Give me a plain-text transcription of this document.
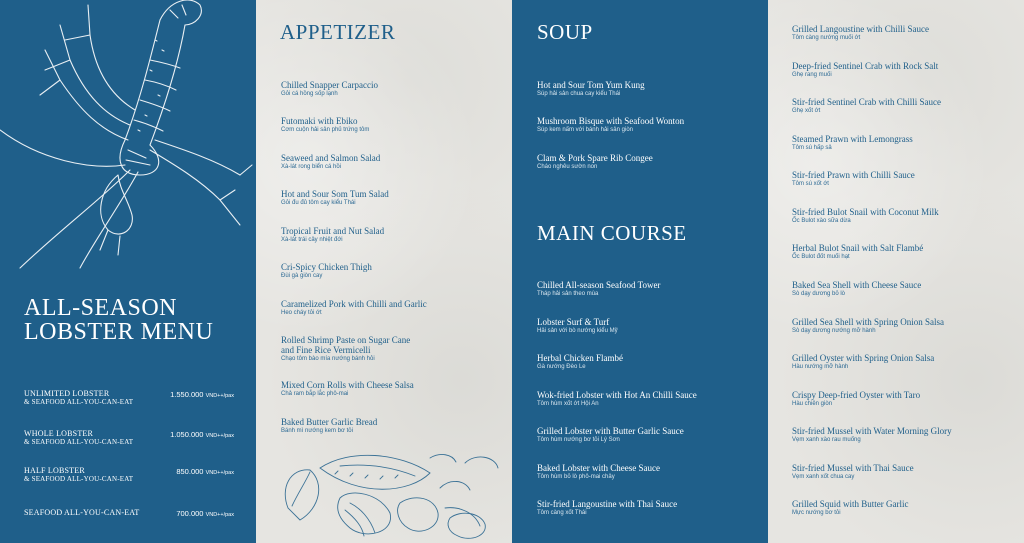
ALL-SEASON
LOBSTER MENU
UNLIMITED LOBSTER
& SEAFOOD ALL-YOU-CAN-EAT
1.550.000 VND++/pax
WHOLE LOBSTER
& SEAFOOD ALL-YOU-CAN-EAT
1.050.000 VND++/pax
HALF LOBSTER
& SEAFOOD ALL-YOU-CAN-EAT
850.000 VND++/pax
SEAFOOD ALL-YOU-CAN-EAT	700.000 VND++/pax
APPETIZER
Chilled Snapper Carpaccio
Gỏi cá hồng sốp lạnh
Futomaki with Ebiko
Cơm cuộn hải sản phủ trứng tôm
Seaweed and Salmon Salad
Xà-lát rong biển cá hồi
Hot and Sour Som Tum Salad
Gỏi đu đủ tôm cay kiểu Thái
Tropical Fruit and Nut Salad
Xà-lát trái cây nhiệt đới
Cri-Spicy Chicken Thigh
Đùi gà giòn cay
Caramelized Pork with Chilli and Garlic
Heo cháy tỏi ớt
Rolled Shrimp Paste on Sugar Cane
and Fine Rice Vermicelli
Chạo tôm bào mía nướng bánh hỏi
Mixed Corn Rolls with Cheese Salsa
Chả ram bắp lắc phô-mai
Baked Butter Garlic Bread
Bánh mì nướng kem bơ tỏi
SOUP
Hot and Sour Tom Yum Kung
Súp hải sản chua cay kiểu Thái
Mushroom Bisque with Seafood Wonton
Súp kem nấm với bánh hải sản giòn
Clam & Pork Spare Rib Congee
Cháo nghêu sườn non
MAIN COURSE
Chilled All-season Seafood Tower
Tháp hải sản theo mùa
Lobster Surf & Turf
Hải sản với bò nướng kiểu Mỹ
Herbal Chicken Flambé
Gà nướng Đèo Le
Wok-fried Lobster with Hot An Chilli Sauce
Tôm hùm xốt ớt Hội An
Grilled Lobster with Butter Garlic Sauce
Tôm hùm nướng bơ tỏi Lý Sơn
Baked Lobster with Cheese Sauce
Tôm hùm bỏ lò phô-mai chảy
Stir-fried Langoustine with Thai Sauce
Tôm càng xốt Thái
Grilled Langoustine with Chilli Sauce
Tôm càng nướng muối ớt
Deep-fried Sentinel Crab with Rock Salt
Ghẹ rang muối
Stir-fried Sentinel Crab with Chilli Sauce
Ghẹ xốt ớt
Steamed Prawn with Lemongrass
Tôm sú hấp sả
Stir-fried Prawn with Chilli Sauce
Tôm sú xốt ớt
Stir-fried Bulot Snail with Coconut Milk
Ốc Bulot xào sữa dừa
Herbal Bulot Snail with Salt Flambé
Ốc Bulot đốt muối hạt
Baked Sea Shell with Cheese Sauce
Sò dạy dương bỏ lò
Grilled Sea Shell with Spring Onion Salsa
Sò dạy dương nướng mỡ hành
Grilled Oyster with Spring Onion Salsa
Hàu nướng mỡ hành
Crispy Deep-fried Oyster with Taro
Hàu chiên giòn
Stir-fried Mussel with Water Morning Glory
Vẹm xanh xào rau muống
Stir-fried Mussel with Thai Sauce
Vẹm xanh xốt chua cay
Grilled Squid with Butter Garlic
Mực nướng bơ tỏi
